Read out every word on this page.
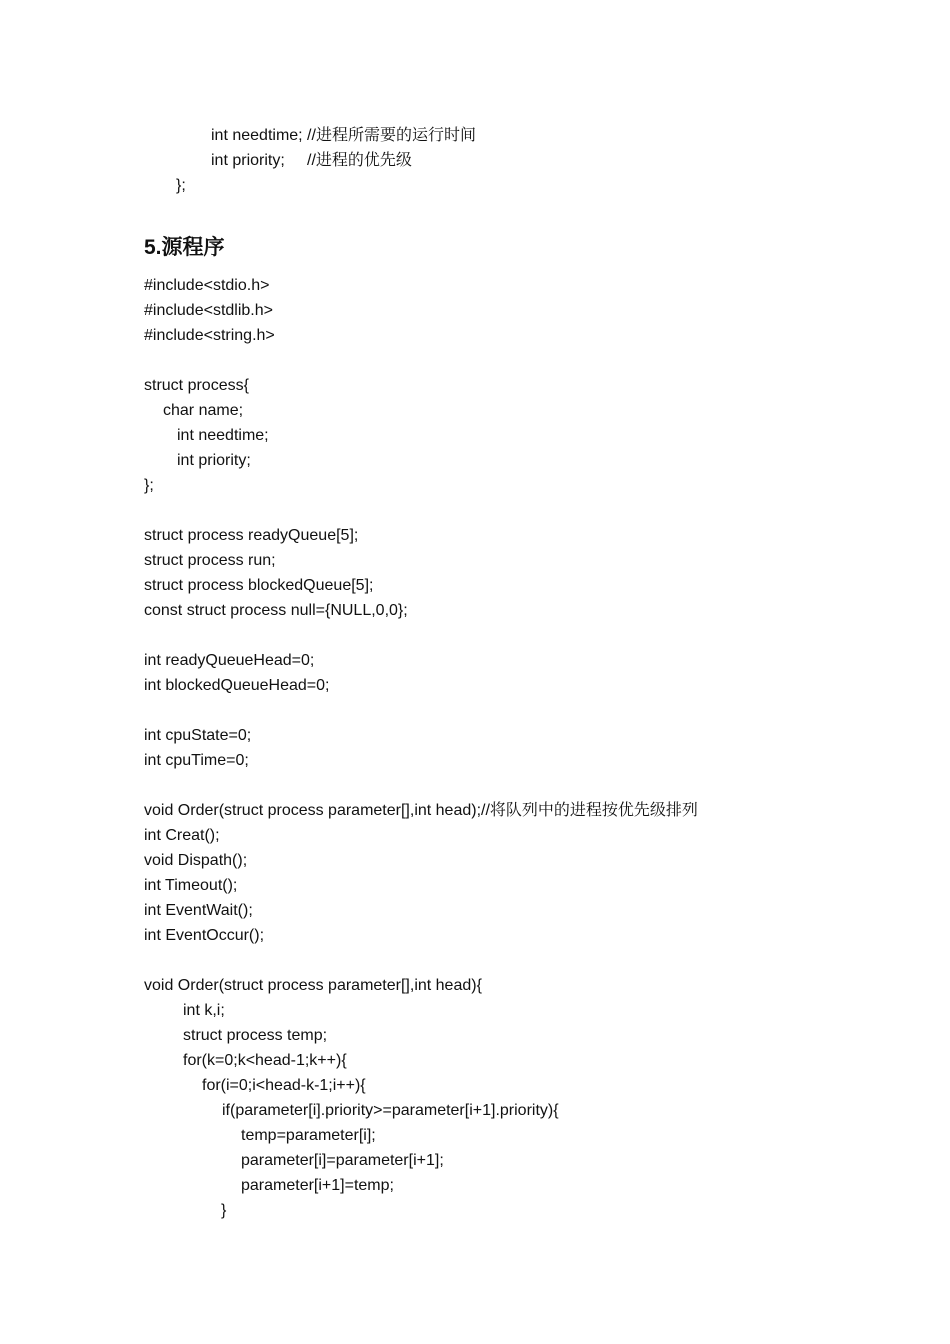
int needtime; //进程所需要的运行时间
int priority;     //进程的优先级
};
5.源程序
#include<stdio.h>
#include<stdlib.h>
#include<string.h>
struct process{
char name;
int needtime;
int priority;
};
struct process readyQueue[5];
struct process run;
struct process blockedQueue[5];
const struct process null={NULL,0,0};
int readyQueueHead=0;
int blockedQueueHead=0;
int cpuState=0;
int cpuTime=0;
void Order(struct process parameter[],int head);//将队列中的进程按优先级排列
int Creat();
void Dispath();
int Timeout();
int EventWait();
int EventOccur();
void Order(struct process parameter[],int head){
int k,i;
struct process temp;
for(k=0;k<head-1;k++){
for(i=0;i<head-k-1;i++){
if(parameter[i].priority>=parameter[i+1].priority){
temp=parameter[i];
parameter[i]=parameter[i+1];
parameter[i+1]=temp;
}
